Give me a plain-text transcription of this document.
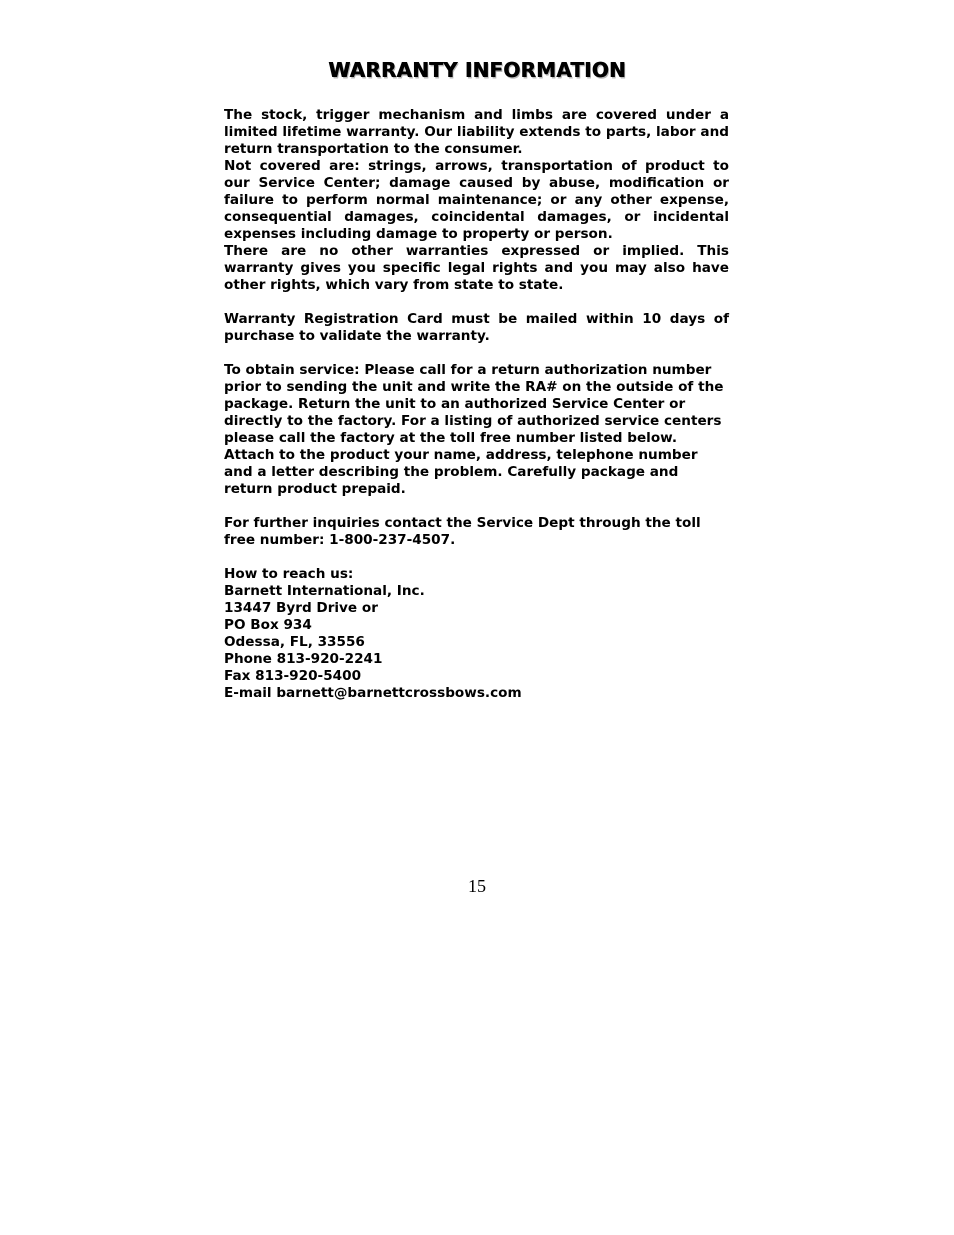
WARRANTY INFORMATION

The stock, trigger mechanism and limbs are covered under a limited lifetime warranty. Our liability extends to parts, labor and return transportation to the consumer.

Not covered are: strings, arrows, transportation of product to our Service Center; damage caused by abuse, modification or failure to perform normal maintenance; or any other expense, consequential damages, coincidental damages, or incidental expenses including damage to property or person.

There are no other warranties expressed or implied. This warranty gives you specific legal rights and you may also have other rights, which vary from state to state.

Warranty Registration Card must be mailed within 10 days of purchase to validate the warranty.

To obtain service: Please call for a return authorization number prior to sending the unit and write the RA# on the outside of the package. Return the unit to an authorized Service Center or directly to the factory. For a listing of authorized service centers please call the factory at the toll free number listed below. Attach to the product your name, address, telephone number and a letter describing the problem. Carefully package and return product prepaid.

For further inquiries contact the Service Dept through the toll free number: 1-800-237-4507.

How to reach us:
Barnett International, Inc.
13447 Byrd Drive or
PO Box 934
Odessa, FL, 33556
Phone 813-920-2241
Fax 813-920-5400
E-mail barnett@barnettcrossbows.com
15
